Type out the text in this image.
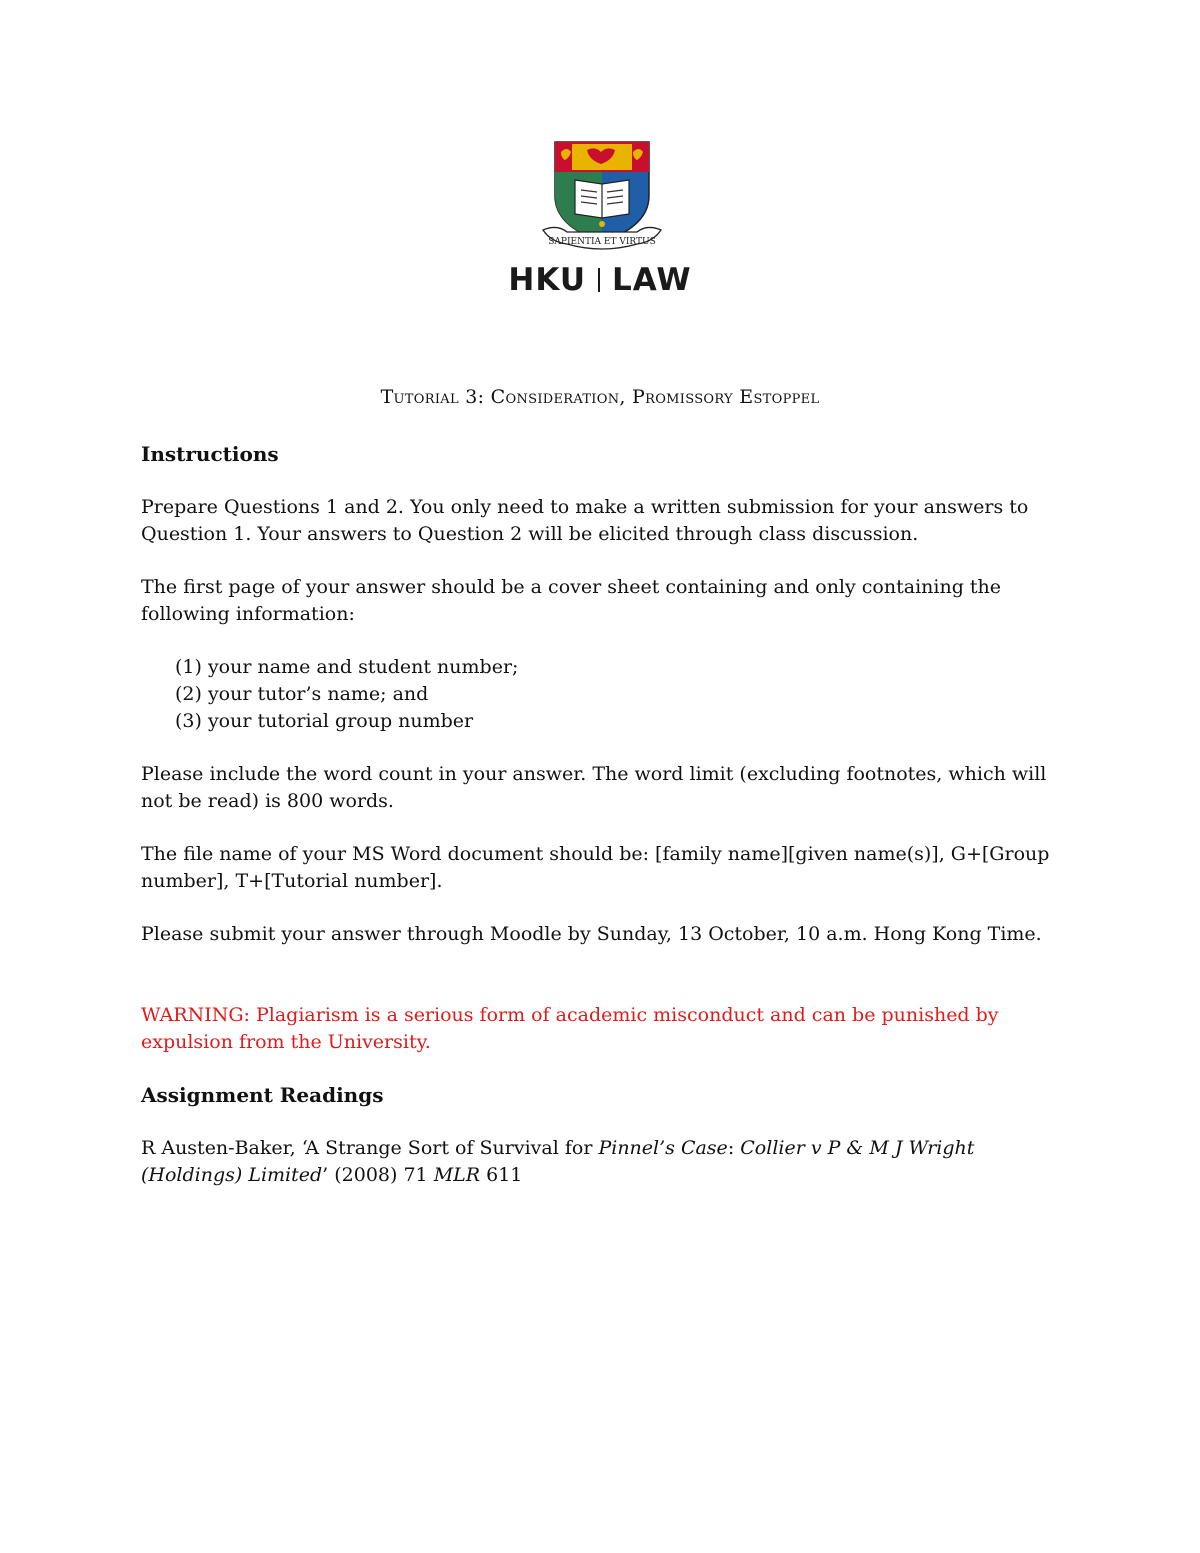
SAPIENTIA ET VIRTUS
HKU LAW
Tutorial 3: Consideration, Promissory Estoppel
Instructions

Prepare Questions 1 and 2. You only need to make a written submission for your answers to Question 1. Your answers to Question 2 will be elicited through class discussion.

The first page of your answer should be a cover sheet containing and only containing the following information:

(1) your name and student number;
(2) your tutor’s name; and
(3) your tutorial group number

Please include the word count in your answer. The word limit (excluding footnotes, which will not be read) is 800 words.

The file name of your MS Word document should be: [family name][given name(s)], G+[Group number], T+[Tutorial number].

Please submit your answer through Moodle by Sunday, 13 October, 10 a.m. Hong Kong Time.

WARNING: Plagiarism is a serious form of academic misconduct and can be punished by expulsion from the University.

Assignment Readings

R Austen-Baker, ‘A Strange Sort of Survival for Pinnel’s Case: Collier v P & M J Wright (Holdings) Limited’ (2008) 71 MLR 611
